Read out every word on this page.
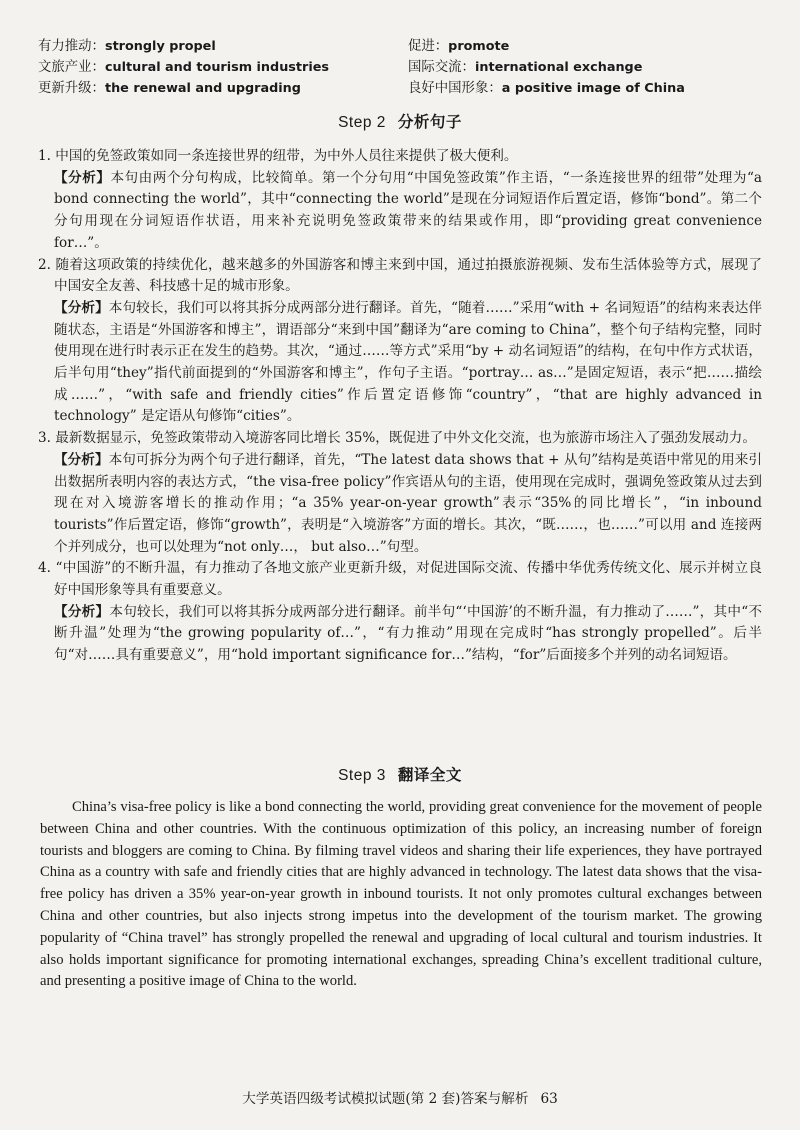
有力推动：strongly propel
文旅产业：cultural and tourism industries
更新升级：the renewal and upgrading
促进：promote
国际交流：international exchange
良好中国形象：a positive image of China
Step 2 分析句子
1. 中国的免签政策如同一条连接世界的纽带，为中外人员往来提供了极大便利。
【分析】本句由两个分句构成，比较简单。第一个分句用“中国免签政策”作主语，“一条连接世界的纽带”处理为“a bond connecting the world”，其中“connecting the world”是现在分词短语作后置定语，修饰“bond”。第二个分句用现在分词短语作状语，用来补充说明免签政策带来的结果或作用，即“providing great convenience for…”。
2. 随着这项政策的持续优化，越来越多的外国游客和博主来到中国，通过拍摄旅游视频、发布生活体验等方式，展现了中国安全友善、科技感十足的城市形象。
【分析】本句较长，我们可以将其拆分成两部分进行翻译。首先，“随着……”采用“with + 名词短语”的结构来表达伴随状态，主语是“外国游客和博主”，谓语部分“来到中国”翻译为“are coming to China”，整个句子结构完整，同时使用现在进行时表示正在发生的趋势。其次，“通过……等方式”采用“by + 动名词短语”的结构，在句中作方式状语，后半句用“they”指代前面提到的“外国游客和博主”，作句子主语。“portray… as…”是固定短语，表示“把……描绘成……”，“with safe and friendly cities”作后置定语修饰“country”，“that are highly advanced in technology” 是定语从句修饰“cities”。
3. 最新数据显示，免签政策带动入境游客同比增长 35%，既促进了中外文化交流，也为旅游市场注入了强劲发展动力。
【分析】本句可拆分为两个句子进行翻译，首先，“The latest data shows that + 从句”结构是英语中常见的用来引出数据所表明内容的表达方式，“the visa-free policy”作宾语从句的主语，使用现在完成时，强调免签政策从过去到现在对入境游客增长的推动作用；“a 35% year-on-year growth”表示“35%的同比增长”，“in inbound tourists”作后置定语，修饰“growth”，表明是“入境游客”方面的增长。其次，“既……，也……”可以用 and 连接两个并列成分，也可以处理为“not only…， but also…”句型。
4. “中国游”的不断升温，有力推动了各地文旅产业更新升级，对促进国际交流、传播中华优秀传统文化、展示并树立良好中国形象等具有重要意义。
【分析】本句较长，我们可以将其拆分成两部分进行翻译。前半句“‘中国游’的不断升温，有力推动了……”，其中“不断升温”处理为“the growing popularity of…”，“有力推动”用现在完成时“has strongly propelled”。后半句“对……具有重要意义”，用“hold important significance for…”结构，“for”后面接多个并列的动名词短语。
Step 3 翻译全文
China’s visa-free policy is like a bond connecting the world, providing great convenience for the movement of people between China and other countries. With the continuous optimization of this policy, an increasing number of foreign tourists and bloggers are coming to China. By filming travel videos and sharing their life experiences, they have portrayed China as a country with safe and friendly cities that are highly advanced in technology. The latest data shows that the visa-free policy has driven a 35% year-on-year growth in inbound tourists. It not only promotes cultural exchanges between China and other countries, but also injects strong impetus into the development of the tourism market. The growing popularity of “China travel” has strongly propelled the renewal and upgrading of local cultural and tourism industries. It also holds important significance for promoting international exchanges, spreading China’s excellent traditional culture, and presenting a positive image of China to the world.
大学英语四级考试模拟试题(第 2 套)答案与解析 63
